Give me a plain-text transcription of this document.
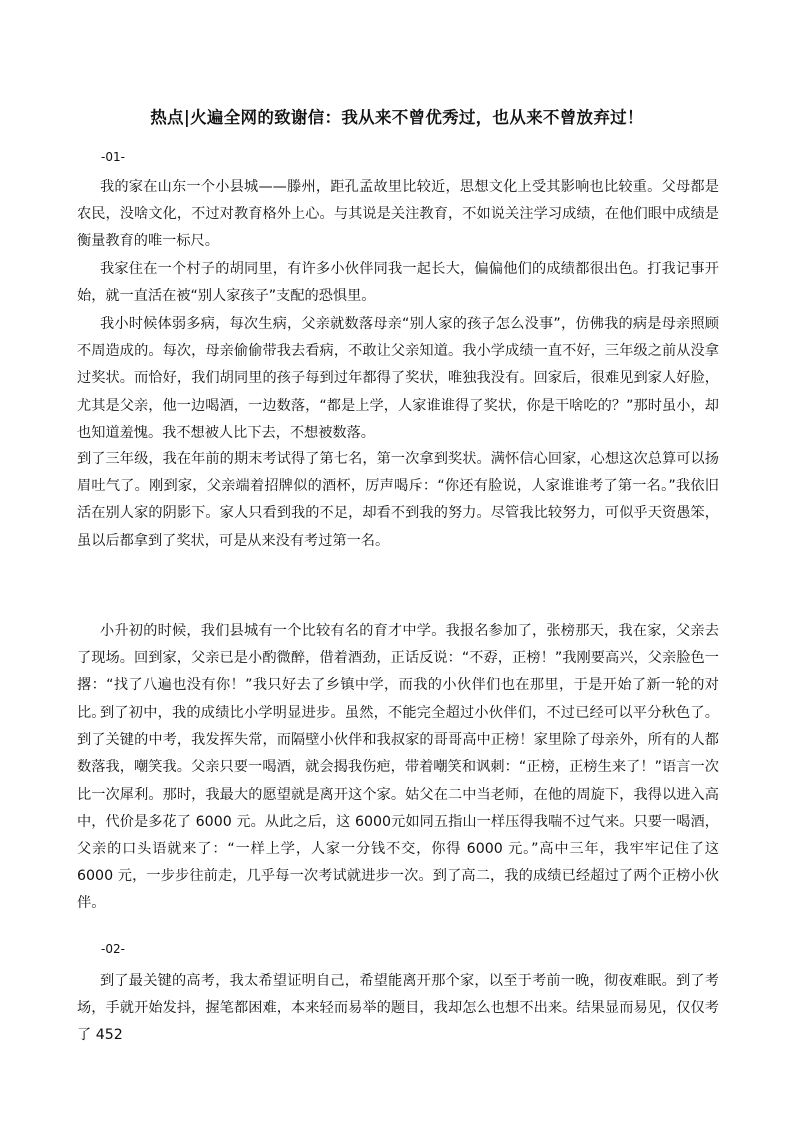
热点|火遍全网的致谢信：我从来不曾优秀过，也从来不曾放弃过！
-01-

我的家在山东一个小县城——滕州，距孔孟故里比较近，思想文化上受其影响也比较重。父母都是农民，没啥文化，不过对教育格外上心。与其说是关注教育，不如说关注学习成绩，在他们眼中成绩是衡量教育的唯一标尺。

我家住在一个村子的胡同里，有许多小伙伴同我一起长大，偏偏他们的成绩都很出色。打我记事开始，就一直活在被“别人家孩子”支配的恐惧里。

我小时候体弱多病，每次生病，父亲就数落母亲“别人家的孩子怎么没事”，仿佛我的病是母亲照顾不周造成的。每次，母亲偷偷带我去看病，不敢让父亲知道。我小学成绩一直不好，三年级之前从没拿过奖状。而恰好，我们胡同里的孩子每到过年都得了奖状，唯独我没有。回家后，很难见到家人好脸，尤其是父亲，他一边喝酒，一边数落，“都是上学，人家谁谁得了奖状，你是干啥吃的？”那时虽小，却也知道羞愧。我不想被人比下去，不想被数落。

到了三年级，我在年前的期末考试得了第七名，第一次拿到奖状。满怀信心回家，心想这次总算可以扬眉吐气了。刚到家，父亲端着招牌似的酒杯，厉声喝斥：“你还有脸说，人家谁谁考了第一名。”我依旧活在别人家的阴影下。家人只看到我的不足，却看不到我的努力。尽管我比较努力，可似乎天资愚笨，虽以后都拿到了奖状，可是从来没有考过第一名。

小升初的时候，我们县城有一个比较有名的育才中学。我报名参加了，张榜那天，我在家，父亲去了现场。回到家，父亲已是小酌微醉，借着酒劲，正话反说：“不孬，正榜！”我刚要高兴，父亲脸色一撂：“找了八遍也没有你！”我只好去了乡镇中学，而我的小伙伴们也在那里，于是开始了新一轮的对比。

到了初中，我的成绩比小学明显进步。虽然，不能完全超过小伙伴们，不过已经可以平分秋色了。到了关键的中考，我发挥失常，而隔壁小伙伴和我叔家的哥哥高中正榜！家里除了母亲外，所有的人都数落我，嘲笑我。父亲只要一喝酒，就会揭我伤疤，带着嘲笑和讽刺：“正榜，正榜生来了！”语言一次比一次犀利。那时，我最大的愿望就是离开这个家。姑父在二中当老师，在他的周旋下，我得以进入高中，代价是多花了 6000 元。从此之后，这 6000元如同五指山一样压得我喘不过气来。只要一喝酒，父亲的口头语就来了：“一样上学，人家一分钱不交，你得 6000 元。”高中三年，我牢牢记住了这 6000 元，一步步往前走，几乎每一次考试就进步一次。到了高二，我的成绩已经超过了两个正榜小伙伴。

-02-

到了最关键的高考，我太希望证明自己，希望能离开那个家，以至于考前一晚，彻夜难眠。到了考场，手就开始发抖，握笔都困难，本来轻而易举的题目，我却怎么也想不出来。结果显而易见，仅仅考了 452
